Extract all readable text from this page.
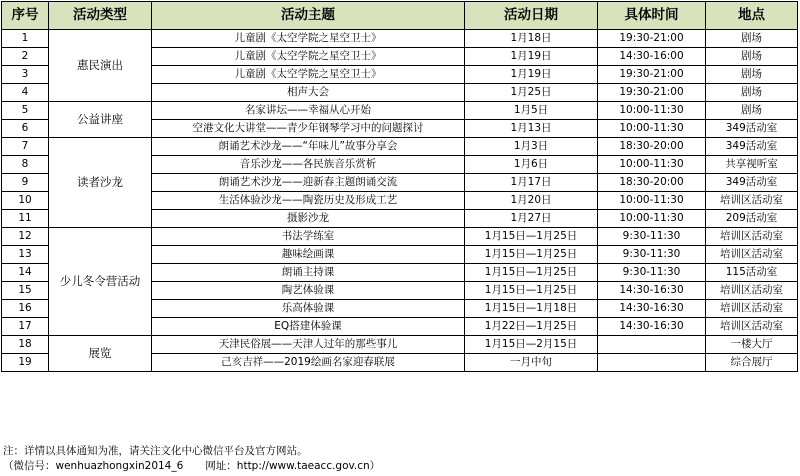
序号	活动类型	活动主题	活动日期	具体时间	地点
1	惠民演出	儿童剧《太空学院之星空卫士》	1月18日	19:30-21:00	剧场
2		儿童剧《太空学院之星空卫士》	1月19日	14:30-16:00	剧场
3		儿童剧《太空学院之星空卫士》	1月19日	19:30-21:00	剧场
4		相声大会	1月25日	19:30-21:00	剧场
5	公益讲座	名家讲坛——幸福从心开始	1月5日	10:00-11:30	剧场
6		空港文化大讲堂——青少年钢琴学习中的问题探讨	1月13日	10:00-11:30	349活动室
7	读者沙龙	朗诵艺术沙龙——“年味儿”故事分享会	1月3日	18:30-20:00	349活动室
8		音乐沙龙——各民族音乐赏析	1月6日	10:00-11:30	共享视听室
9		朗诵艺术沙龙——迎新春主题朗诵交流	1月17日	18:30-20:00	349活动室
10		生活体验沙龙——陶瓷历史及形成工艺	1月20日	10:00-11:30	培训区活动室
11		摄影沙龙	1月27日	10:00-11:30	209活动室
12	少儿冬令营活动	书法学练室	1月15日—1月25日	9:30-11:30	培训区活动室
13		趣味绘画课	1月15日—1月25日	9:30-11:30	培训区活动室
14		朗诵主持课	1月15日—1月25日	9:30-11:30	115活动室
15		陶艺体验课	1月15日—1月25日	14:30-16:30	培训区活动室
16		乐高体验课	1月15日—1月18日	14:30-16:30	培训区活动室
17		EQ搭建体验课	1月22日—1月25日	14:30-16:30	培训区活动室
18	展览	天津民俗展——天津人过年的那些事儿	1月15日—2月15日		一楼大厅
19		己亥吉祥——2019绘画名家迎春联展	一月中旬		综合展厅
注：详情以具体通知为准，请关注文化中心微信平台及官方网站。
（微信号：wenhuazhongxin2014_6 网址：http://www.taeacc.gov.cn）
